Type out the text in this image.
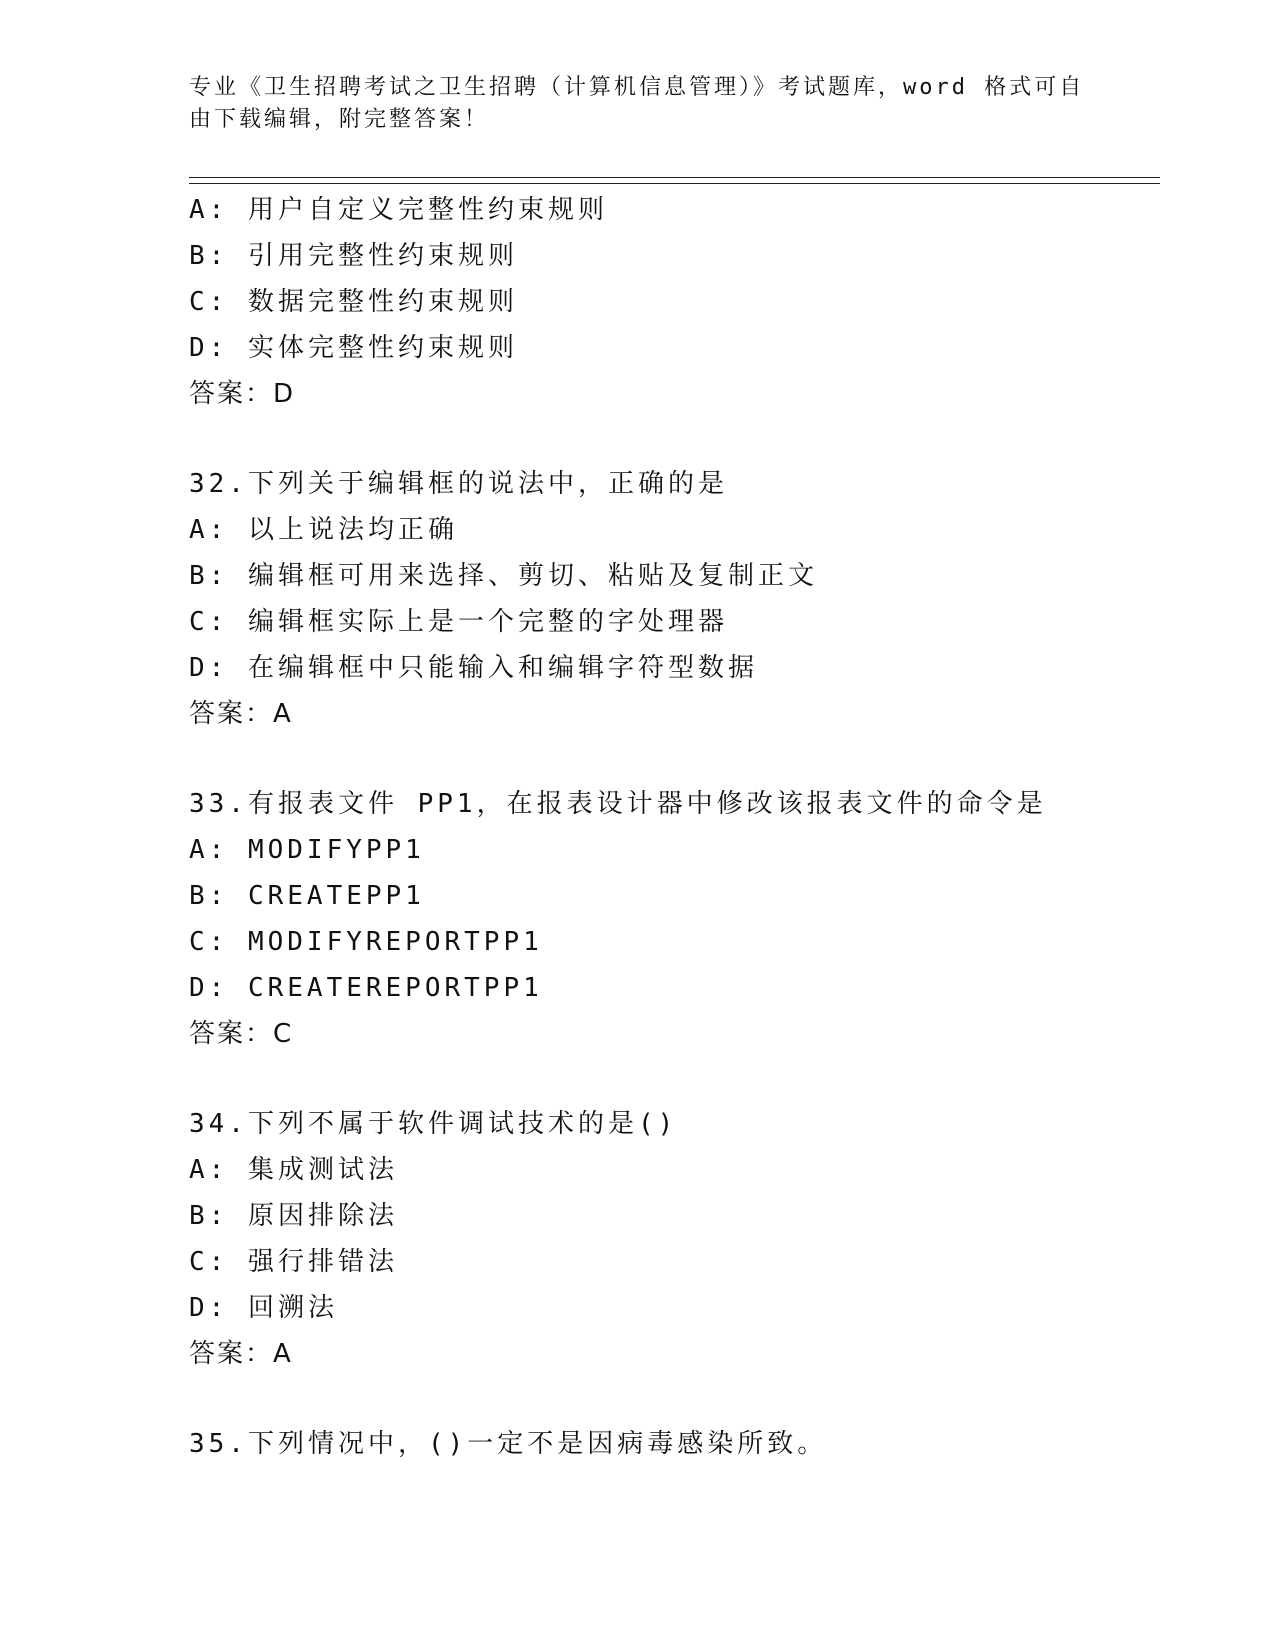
专业《卫生招聘考试之卫生招聘（计算机信息管理）》考试题库，word 格式可自
由下载编辑，附完整答案！
A: 用户自定义完整性约束规则
B: 引用完整性约束规则
C: 数据完整性约束规则
D: 实体完整性约束规则
答案：D
32.下列关于编辑框的说法中，正确的是
A: 以上说法均正确
B: 编辑框可用来选择、剪切、粘贴及复制正文
C: 编辑框实际上是一个完整的字处理器
D: 在编辑框中只能输入和编辑字符型数据
答案：A
33.有报表文件 PP1，在报表设计器中修改该报表文件的命令是
A: MODIFYPP1
B: CREATEPP1
C: MODIFYREPORTPP1
D: CREATEREPORTPP1
答案：C
34.下列不属于软件调试技术的是()
A: 集成测试法
B: 原因排除法
C: 强行排错法
D: 回溯法
答案：A
35.下列情况中，()一定不是因病毒感染所致。
